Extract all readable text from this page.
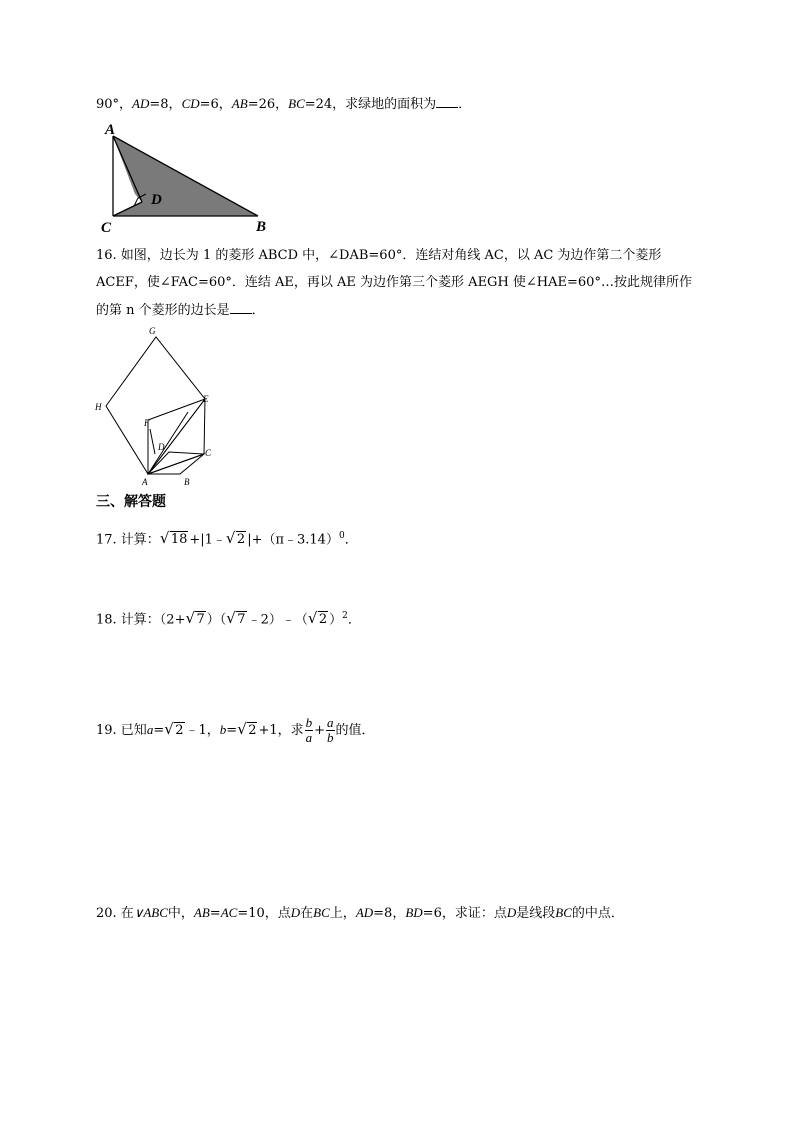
90°，AD=8，CD=6，AB=26，BC=24，求绿地的面积为 ．
A
C
D
B
16. 如图，边长为 1 的菱形 ABCD 中，∠DAB=60°．连结对角线 AC，以 AC 为边作第二个菱形
ACEF，使∠FAC=60°．连结 AE，再以 AE 为边作第三个菱形 AEGH 使∠HAE=60°…按此规律所作
的第 n 个菱形的边长是 ．
G
H
E
F
D
C
A	B
三、解答题
17. 计算： √ 18 +|1﹣ √ 2 |+（π﹣3.14）$^0$．
18. 计算：（2+ √ 7 ）（ √ 7 ﹣2）﹣（ √ 2 ）$^2$．
19. 已知a= √ 2 ﹣1，b= √ 2 +1，求 $\frac{b}{a} + \frac{a}{b}$ 的值．
20. 在∨ABC中，AB=AC=10，点D在BC上，AD=8，BD=6，求证：点D是线段BC的中点．
